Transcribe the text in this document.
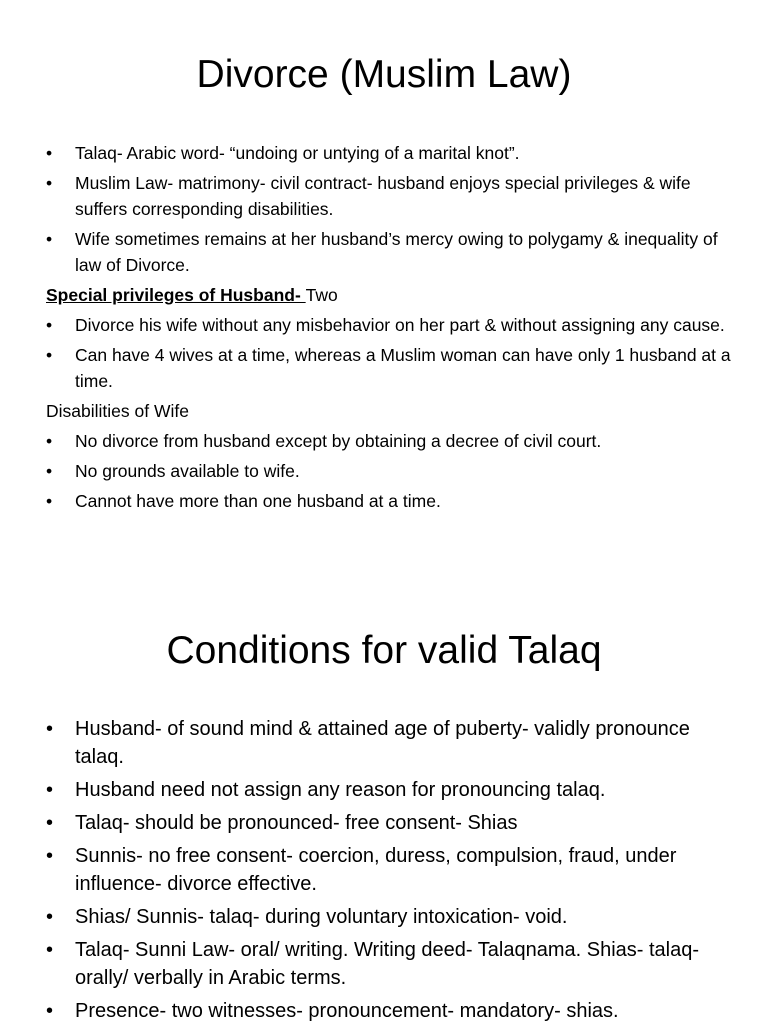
Divorce (Muslim Law)
• Talaq- Arabic word- “undoing or untying of a marital knot”.
• Muslim Law- matrimony- civil contract- husband enjoys special privileges & wife suffers corresponding disabilities.
• Wife sometimes remains at her husband’s mercy owing to polygamy & inequality of law of Divorce.

Special privileges of Husband- Two

• Divorce his wife without any misbehavior on her part & without assigning any cause.
• Can have 4 wives at a time, whereas a Muslim woman can have only 1 husband at a time.

Disabilities of Wife

• No divorce from husband except by obtaining a decree of civil court.
• No grounds available to wife.
• Cannot have more than one husband at a time.
Conditions for valid Talaq
• Husband- of sound mind & attained age of puberty- validly pronounce talaq.
• Husband need not assign any reason for pronouncing talaq.
• Talaq- should be pronounced- free consent- Shias
• Sunnis- no free consent- coercion, duress, compulsion, fraud, under influence- divorce effective.
• Shias/ Sunnis- talaq- during voluntary intoxication- void.
• Talaq- Sunni Law- oral/ writing. Writing deed- Talaqnama. Shias- talaq-orally/ verbally in Arabic terms.
• Presence- two witnesses- pronouncement- mandatory- shias.
